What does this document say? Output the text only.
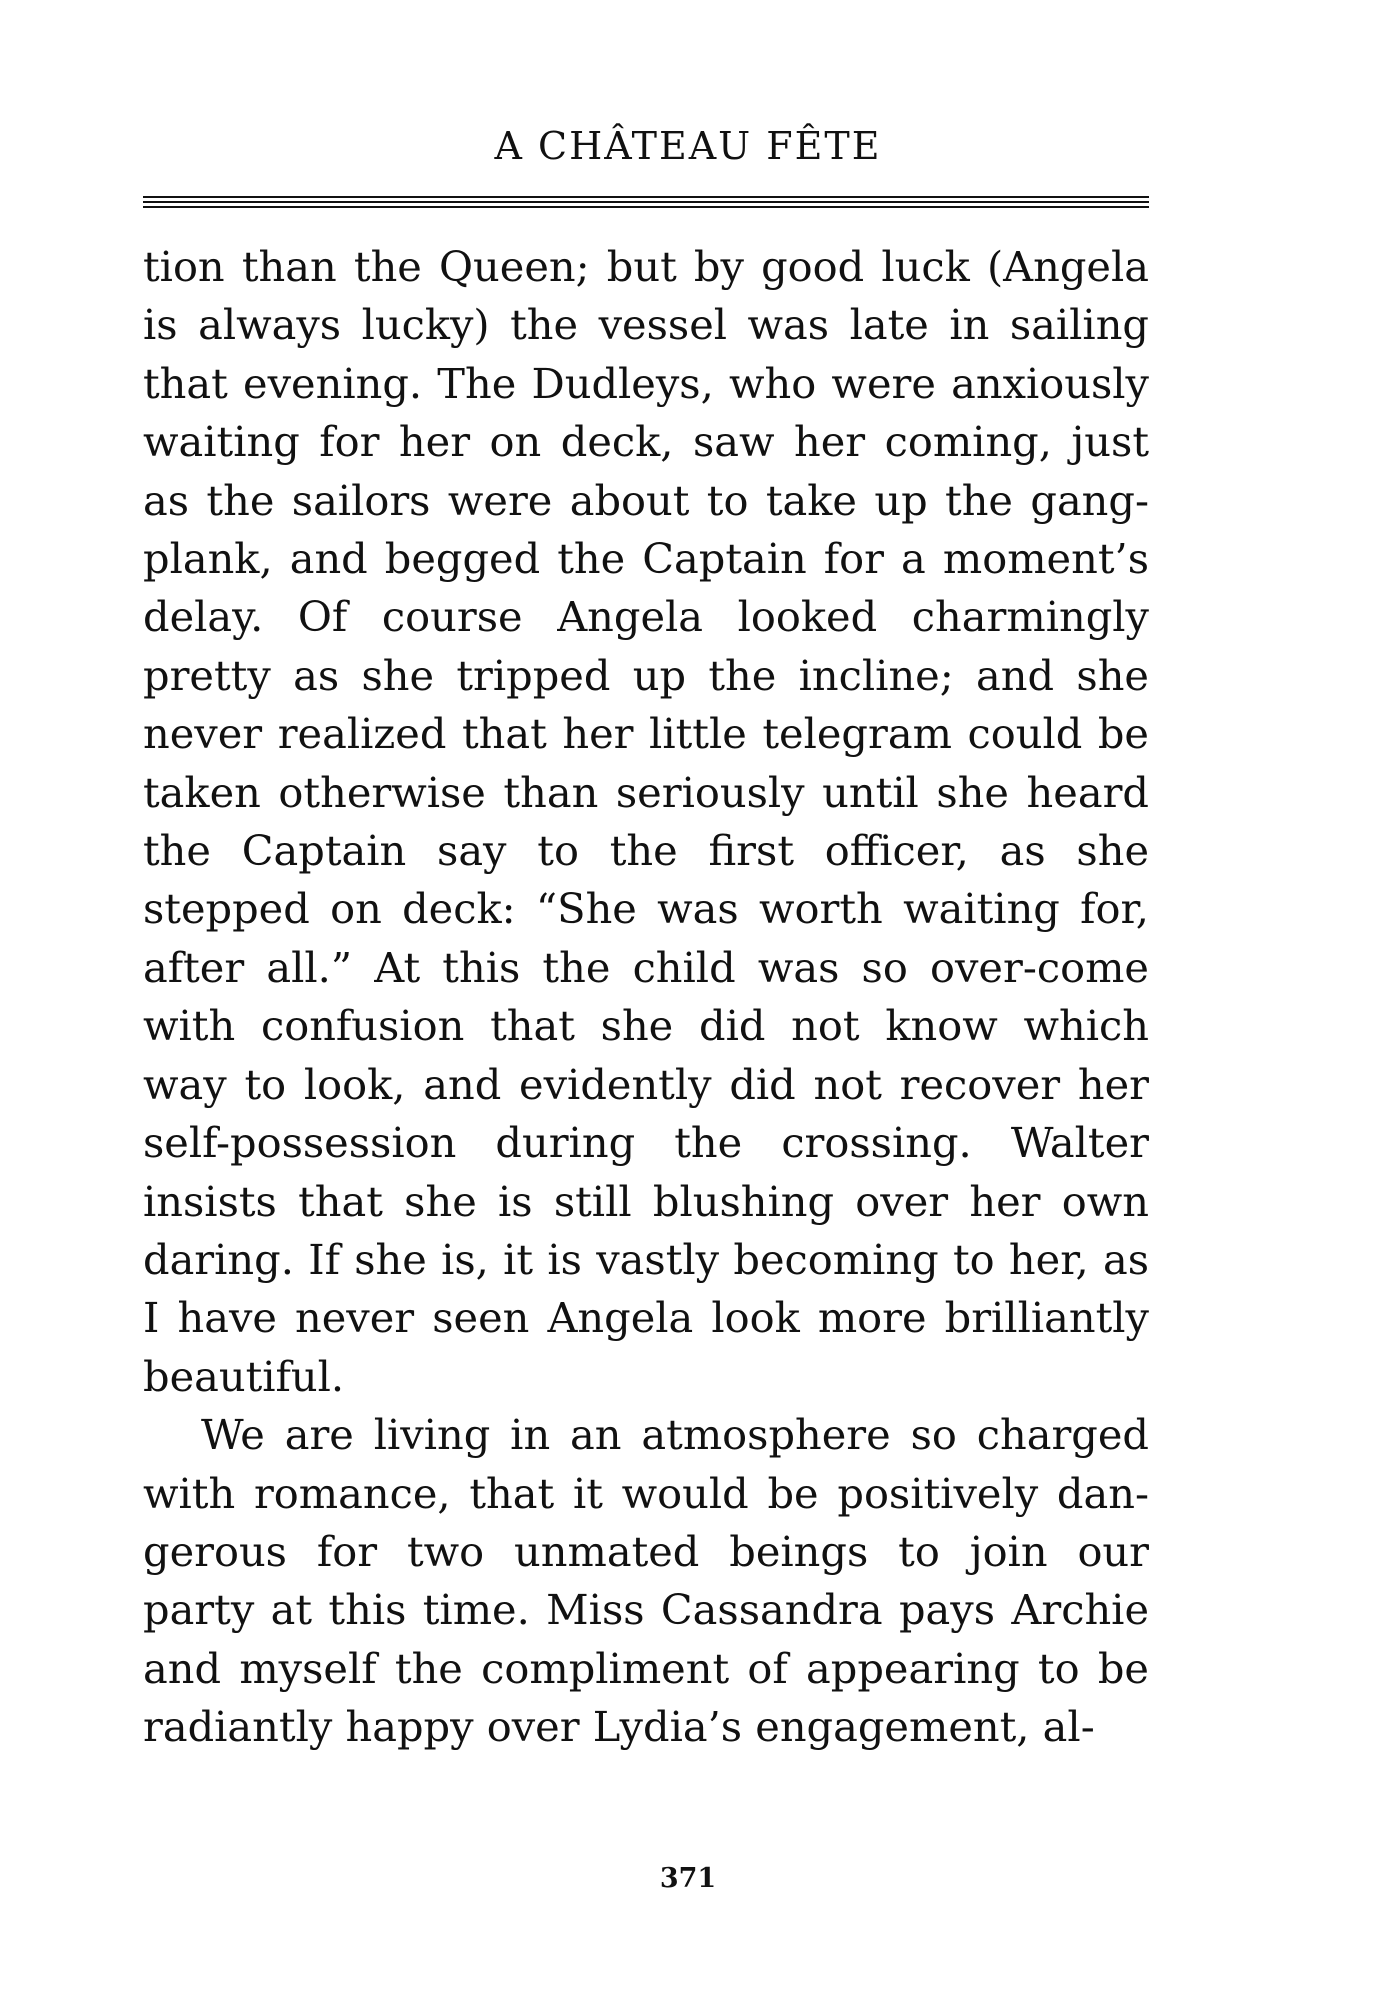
A CHÂTEAU FÊTE

tion than the Queen; but by good luck (Angela is always lucky) the vessel was late in sailing that evening. The Dudleys, who were anxiously waiting for her on deck, saw her coming, just as the sailors were about to take up the gang-plank, and begged the Captain for a moment’s delay. Of course Angela looked charmingly pretty as she tripped up the incline; and she never realized that her little telegram could be taken otherwise than seriously until she heard the Captain say to the first officer, as she stepped on deck: “She was worth waiting for, after all.” At this the child was so over-come with confusion that she did not know which way to look, and evidently did not recover her self-possession during the crossing. Walter insists that she is still blushing over her own daring. If she is, it is vastly becoming to her, as I have never seen Angela look more brilliantly beautiful.

We are living in an atmosphere so charged with romance, that it would be positively dan-gerous for two unmated beings to join our party at this time. Miss Cassandra pays Archie and myself the compliment of appearing to be radiantly happy over Lydia’s engagement, al-

371
